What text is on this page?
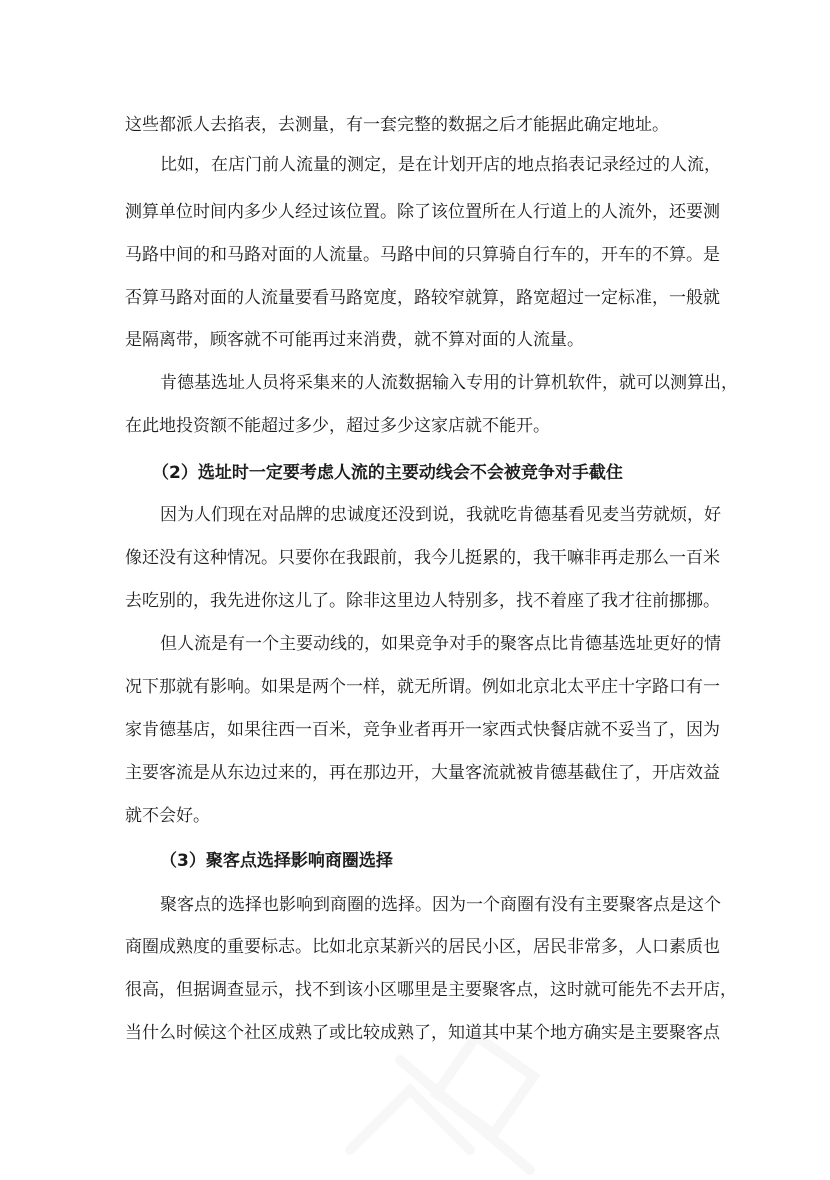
这些都派人去掐表，去测量，有一套完整的数据之后才能据此确定地址。
比如，在店门前人流量的测定，是在计划开店的地点掐表记录经过的人流，
测算单位时间内多少人经过该位置。除了该位置所在人行道上的人流外，还要测
马路中间的和马路对面的人流量。马路中间的只算骑自行车的，开车的不算。是
否算马路对面的人流量要看马路宽度，路较窄就算，路宽超过一定标准，一般就
是隔离带，顾客就不可能再过来消费，就不算对面的人流量。
肯德基选址人员将采集来的人流数据输入专用的计算机软件，就可以测算出，
在此地投资额不能超过多少，超过多少这家店就不能开。
（2）选址时一定要考虑人流的主要动线会不会被竞争对手截住
因为人们现在对品牌的忠诚度还没到说，我就吃肯德基看见麦当劳就烦，好
像还没有这种情况。只要你在我跟前，我今儿挺累的，我干嘛非再走那么一百米
去吃别的，我先进你这儿了。除非这里边人特别多，找不着座了我才往前挪挪。
但人流是有一个主要动线的，如果竞争对手的聚客点比肯德基选址更好的情
况下那就有影响。如果是两个一样，就无所谓。例如北京北太平庄十字路口有一
家肯德基店，如果往西一百米，竞争业者再开一家西式快餐店就不妥当了，因为
主要客流是从东边过来的，再在那边开，大量客流就被肯德基截住了，开店效益
就不会好。
（3）聚客点选择影响商圈选择
聚客点的选择也影响到商圈的选择。因为一个商圈有没有主要聚客点是这个
商圈成熟度的重要标志。比如北京某新兴的居民小区，居民非常多，人口素质也
很高，但据调查显示，找不到该小区哪里是主要聚客点，这时就可能先不去开店，
当什么时候这个社区成熟了或比较成熟了，知道其中某个地方确实是主要聚客点
